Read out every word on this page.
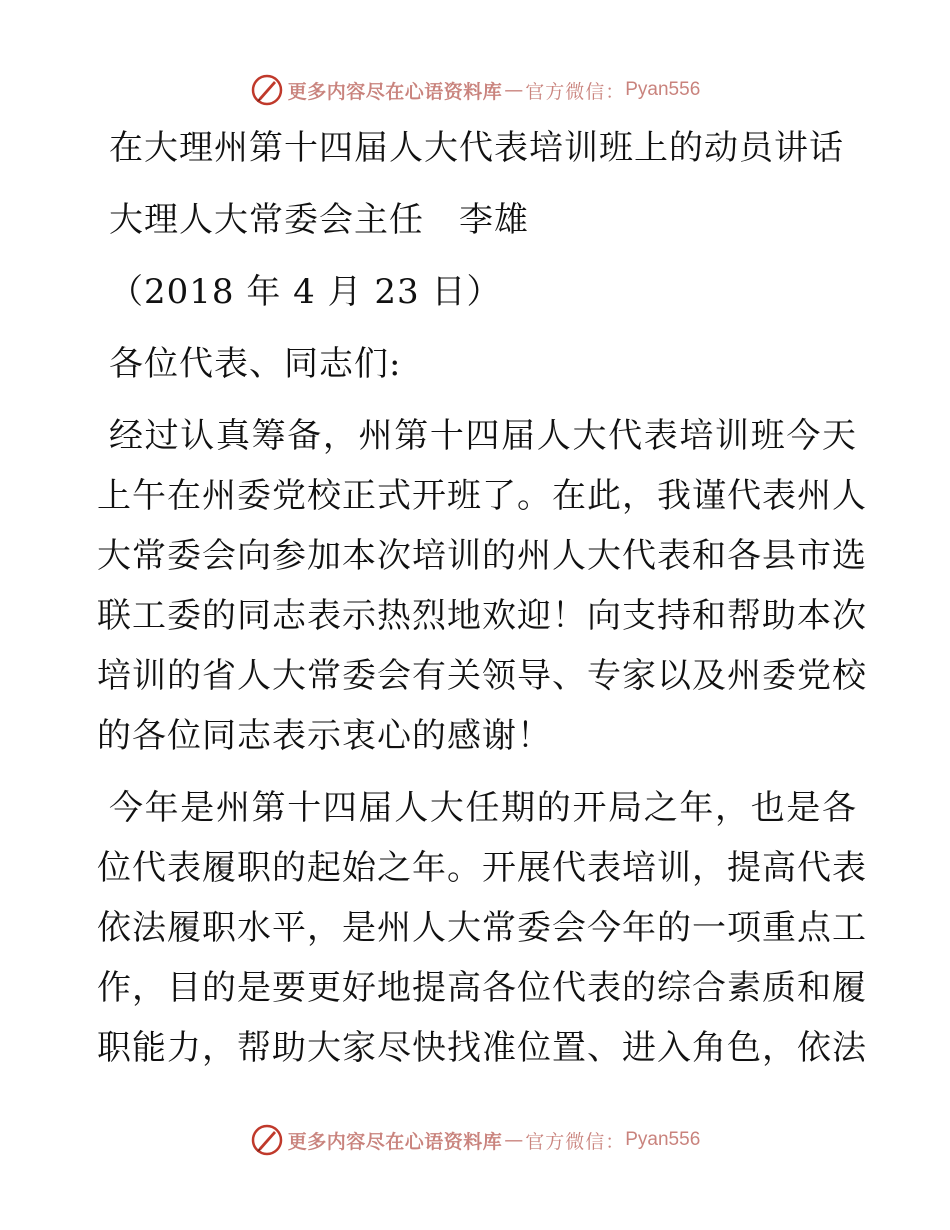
更多内容尽在心语资料库 — 官方微信： Pyan556
在大理州第十四届人大代表培训班上的动员讲话
大理人大常委会主任　李雄
（2018 年 4 月 23 日）
各位代表、同志们:
经过认真筹备，州第十四届人大代表培训班今天
上午在州委党校正式开班了。在此，我谨代表州人
大常委会向参加本次培训的州人大代表和各县市选
联工委的同志表示热烈地欢迎！向支持和帮助本次
培训的省人大常委会有关领导、专家以及州委党校
的各位同志表示衷心的感谢！
今年是州第十四届人大任期的开局之年，也是各
位代表履职的起始之年。开展代表培训，提高代表
依法履职水平，是州人大常委会今年的一项重点工
作，目的是要更好地提高各位代表的综合素质和履
职能力，帮助大家尽快找准位置、进入角色，依法
更多内容尽在心语资料库 — 官方微信： Pyan556
